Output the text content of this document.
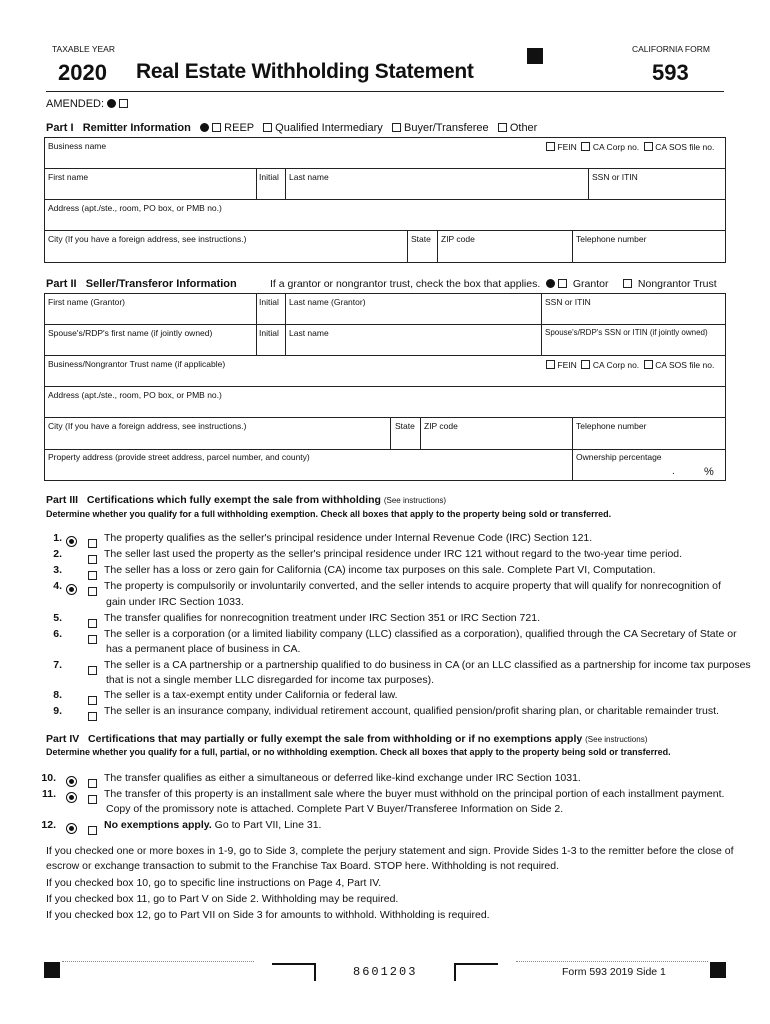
TAXABLE YEAR
2020 Real Estate Withholding Statement
CALIFORNIA FORM
593
AMENDED:
Part I Remitter Information	REEP Qualified Intermediary Buyer/Transferee Other
Business name	FEIN CA Corp no. CA SOS file no.
First name	Initial Last name	SSN or ITIN
Address (apt./ste., room, PO box, or PMB no.)
City (If you have a foreign address, see instructions.)	State ZIP code	Telephone number
Part II Seller/Transferor Information	If a grantor or nongrantor trust, check the box that applies.	Grantor	Nongrantor Trust
First name (Grantor)	Initial Last name (Grantor)	SSN or ITIN
Spouse's/RDP's first name (if jointly owned)	Initial Last name	Spouse's/RDP's SSN or ITIN (if jointly owned)
Business/Nongrantor Trust name (if applicable)	FEIN CA Corp no. CA SOS file no.
Address (apt./ste., room, PO box, or PMB no.)
City (If you have a foreign address, see instructions.)	State ZIP code	Telephone number
Property address (provide street address, parcel number, and county)	Ownership percentage
.	%
Part III Certifications which fully exempt the sale from withholding (See instructions)
Determine whether you qualify for a full withholding exemption. Check all boxes that apply to the property being sold or transferred.
1.	The property qualifies as the seller's principal residence under Internal Revenue Code (IRC) Section 121.
2.	The seller last used the property as the seller's principal residence under IRC 121 without regard to the two-year time period.
3.	The seller has a loss or zero gain for California (CA) income tax purposes on this sale. Complete Part VI, Computation.
4.	The property is compulsorily or involuntarily converted, and the seller intends to acquire property that will qualify for nonrecognition of
gain under IRC Section 1033.
5.	The transfer qualifies for nonrecognition treatment under IRC Section 351 or IRC Section 721.
6.	The seller is a corporation (or a limited liability company (LLC) classified as a corporation), qualified through the CA Secretary of State or
has a permanent place of business in CA.
7.	The seller is a CA partnership or a partnership qualified to do business in CA (or an LLC classified as a partnership for income tax purposes
that is not a single member LLC disregarded for income tax purposes).
8.	The seller is a tax-exempt entity under California or federal law.
9.	The seller is an insurance company, individual retirement account, qualified pension/profit sharing plan, or charitable remainder trust.
Part IV Certifications that may partially or fully exempt the sale from withholding or if no exemptions apply (See instructions)
Determine whether you qualify for a full, partial, or no withholding exemption. Check all boxes that apply to the property being sold or transferred.
10.	The transfer qualifies as either a simultaneous or deferred like-kind exchange under IRC Section 1031.
11.	The transfer of this property is an installment sale where the buyer must withhold on the principal portion of each installment payment.
Copy of the promissory note is attached. Complete Part V Buyer/Transferee Information on Side 2.
12.	No exemptions apply. Go to Part VII, Line 31.
If you checked one or more boxes in 1-9, go to Side 3, complete the perjury statement and sign. Provide Sides 1-3 to the remitter before the close of
escrow or exchange transaction to submit to the Franchise Tax Board. STOP here. Withholding is not required.
If you checked box 10, go to specific line instructions on Page 4, Part IV.
If you checked box 11, go to Part V on Side 2. Withholding may be required.
If you checked box 12, go to Part VII on Side 3 for amounts to withhold. Withholding is required.
8601203	Form 593 2019 Side 1
